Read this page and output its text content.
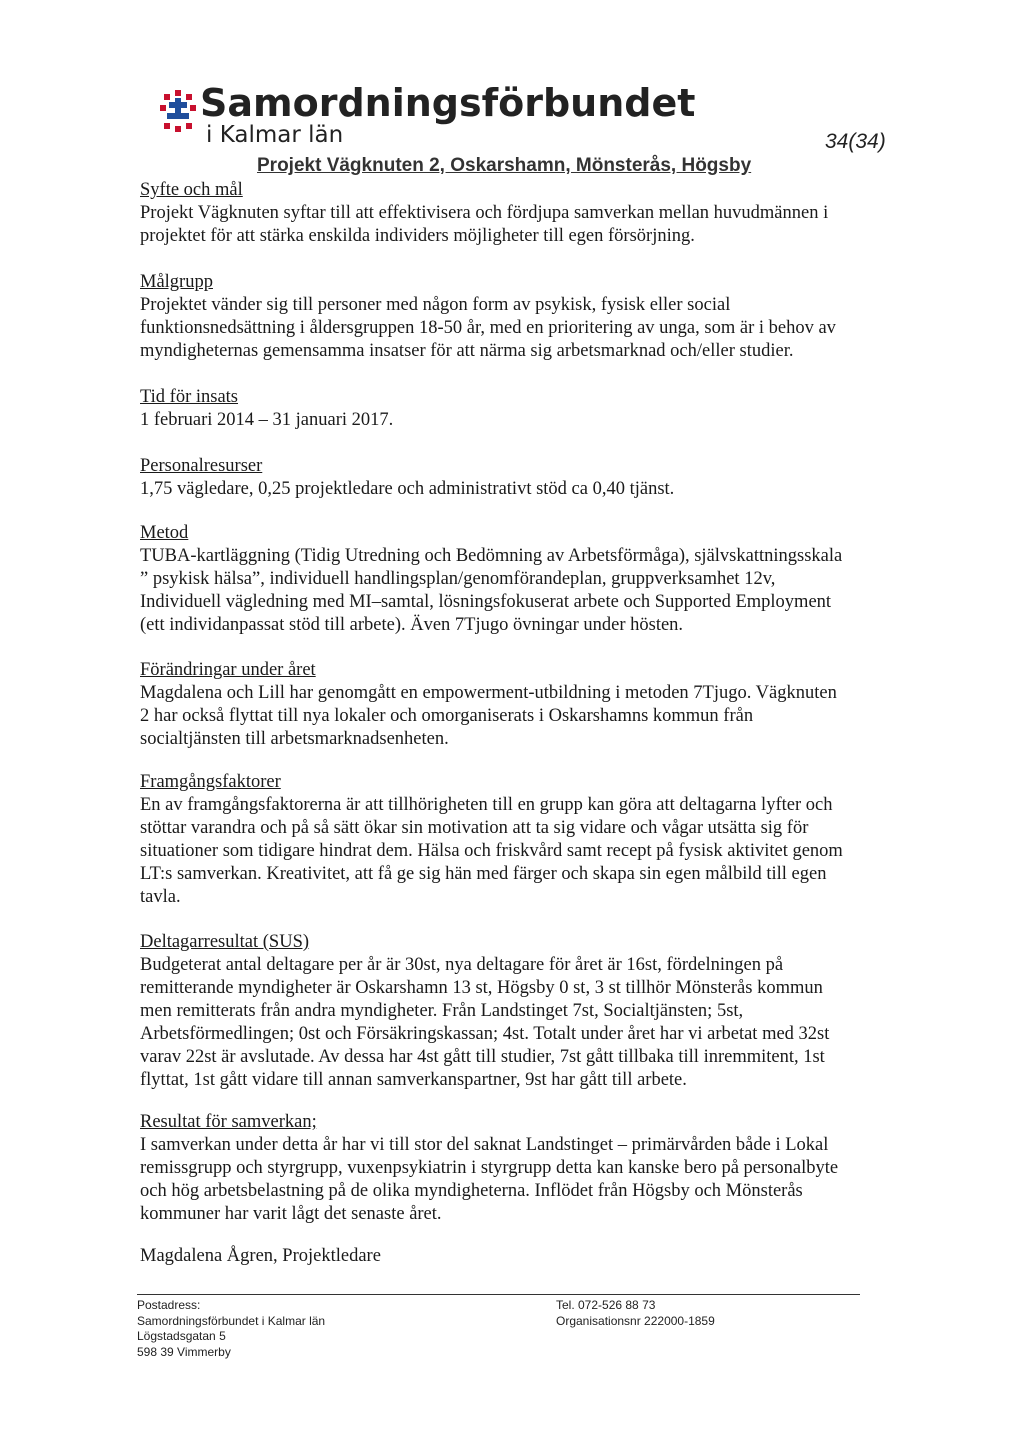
Samordningsförbundet
i Kalmar län	34(34)
Projekt Vägknuten 2, Oskarshamn, Mönsterås, Högsby

Syfte och mål

Projekt Vägknuten syftar till att effektivisera och fördjupa samverkan mellan huvudmännen i

projektet för att stärka enskilda individers möjligheter till egen försörjning.

Målgrupp

Projektet vänder sig till personer med någon form av psykisk, fysisk eller social

funktionsnedsättning i åldersgruppen 18-50 år, med en prioritering av unga, som är i behov av

myndigheternas gemensamma insatser för att närma sig arbetsmarknad och/eller studier.

Tid för insats

1 februari 2014 – 31 januari 2017.

Personalresurser

1,75 vägledare, 0,25 projektledare och administrativt stöd ca 0,40 tjänst.

Metod

TUBA-kartläggning (Tidig Utredning och Bedömning av Arbetsförmåga), självskattningsskala

” psykisk hälsa”, individuell handlingsplan/genomförandeplan, gruppverksamhet 12v,

Individuell vägledning med MI–samtal, lösningsfokuserat arbete och Supported Employment

(ett individanpassat stöd till arbete). Även 7Tjugo övningar under hösten.

Förändringar under året

Magdalena och Lill har genomgått en empowerment-utbildning i metoden 7Tjugo. Vägknuten

2 har också flyttat till nya lokaler och omorganiserats i Oskarshamns kommun från

socialtjänsten till arbetsmarknadsenheten.

Framgångsfaktorer

En av framgångsfaktorerna är att tillhörigheten till en grupp kan göra att deltagarna lyfter och

stöttar varandra och på så sätt ökar sin motivation att ta sig vidare och vågar utsätta sig för

situationer som tidigare hindrat dem. Hälsa och friskvård samt recept på fysisk aktivitet genom

LT:s samverkan. Kreativitet, att få ge sig hän med färger och skapa sin egen målbild till egen

tavla.

Deltagarresultat (SUS)

Budgeterat antal deltagare per år är 30st, nya deltagare för året är 16st, fördelningen på

remitterande myndigheter är Oskarshamn 13 st, Högsby 0 st, 3 st tillhör Mönsterås kommun

men remitterats från andra myndigheter. Från Landstinget 7st, Socialtjänsten; 5st,

Arbetsförmedlingen; 0st och Försäkringskassan; 4st. Totalt under året har vi arbetat med 32st

varav 22st är avslutade. Av dessa har 4st gått till studier, 7st gått tillbaka till inremmitent, 1st

flyttat, 1st gått vidare till annan samverkanspartner, 9st har gått till arbete.

Resultat för samverkan;

I samverkan under detta år har vi till stor del saknat Landstinget – primärvården både i Lokal

remissgrupp och styrgrupp, vuxenpsykiatrin i styrgrupp detta kan kanske bero på personalbyte

och hög arbetsbelastning på de olika myndigheterna. Inflödet från Högsby och Mönsterås

kommuner har varit lågt det senaste året.

Magdalena Ågren, Projektledare

Postadress:
Samordningsförbundet i Kalmar län
Lögstadsgatan 5
598 39 Vimmerby
Tel. 072-526 88 73
Organisationsnr 222000-1859
